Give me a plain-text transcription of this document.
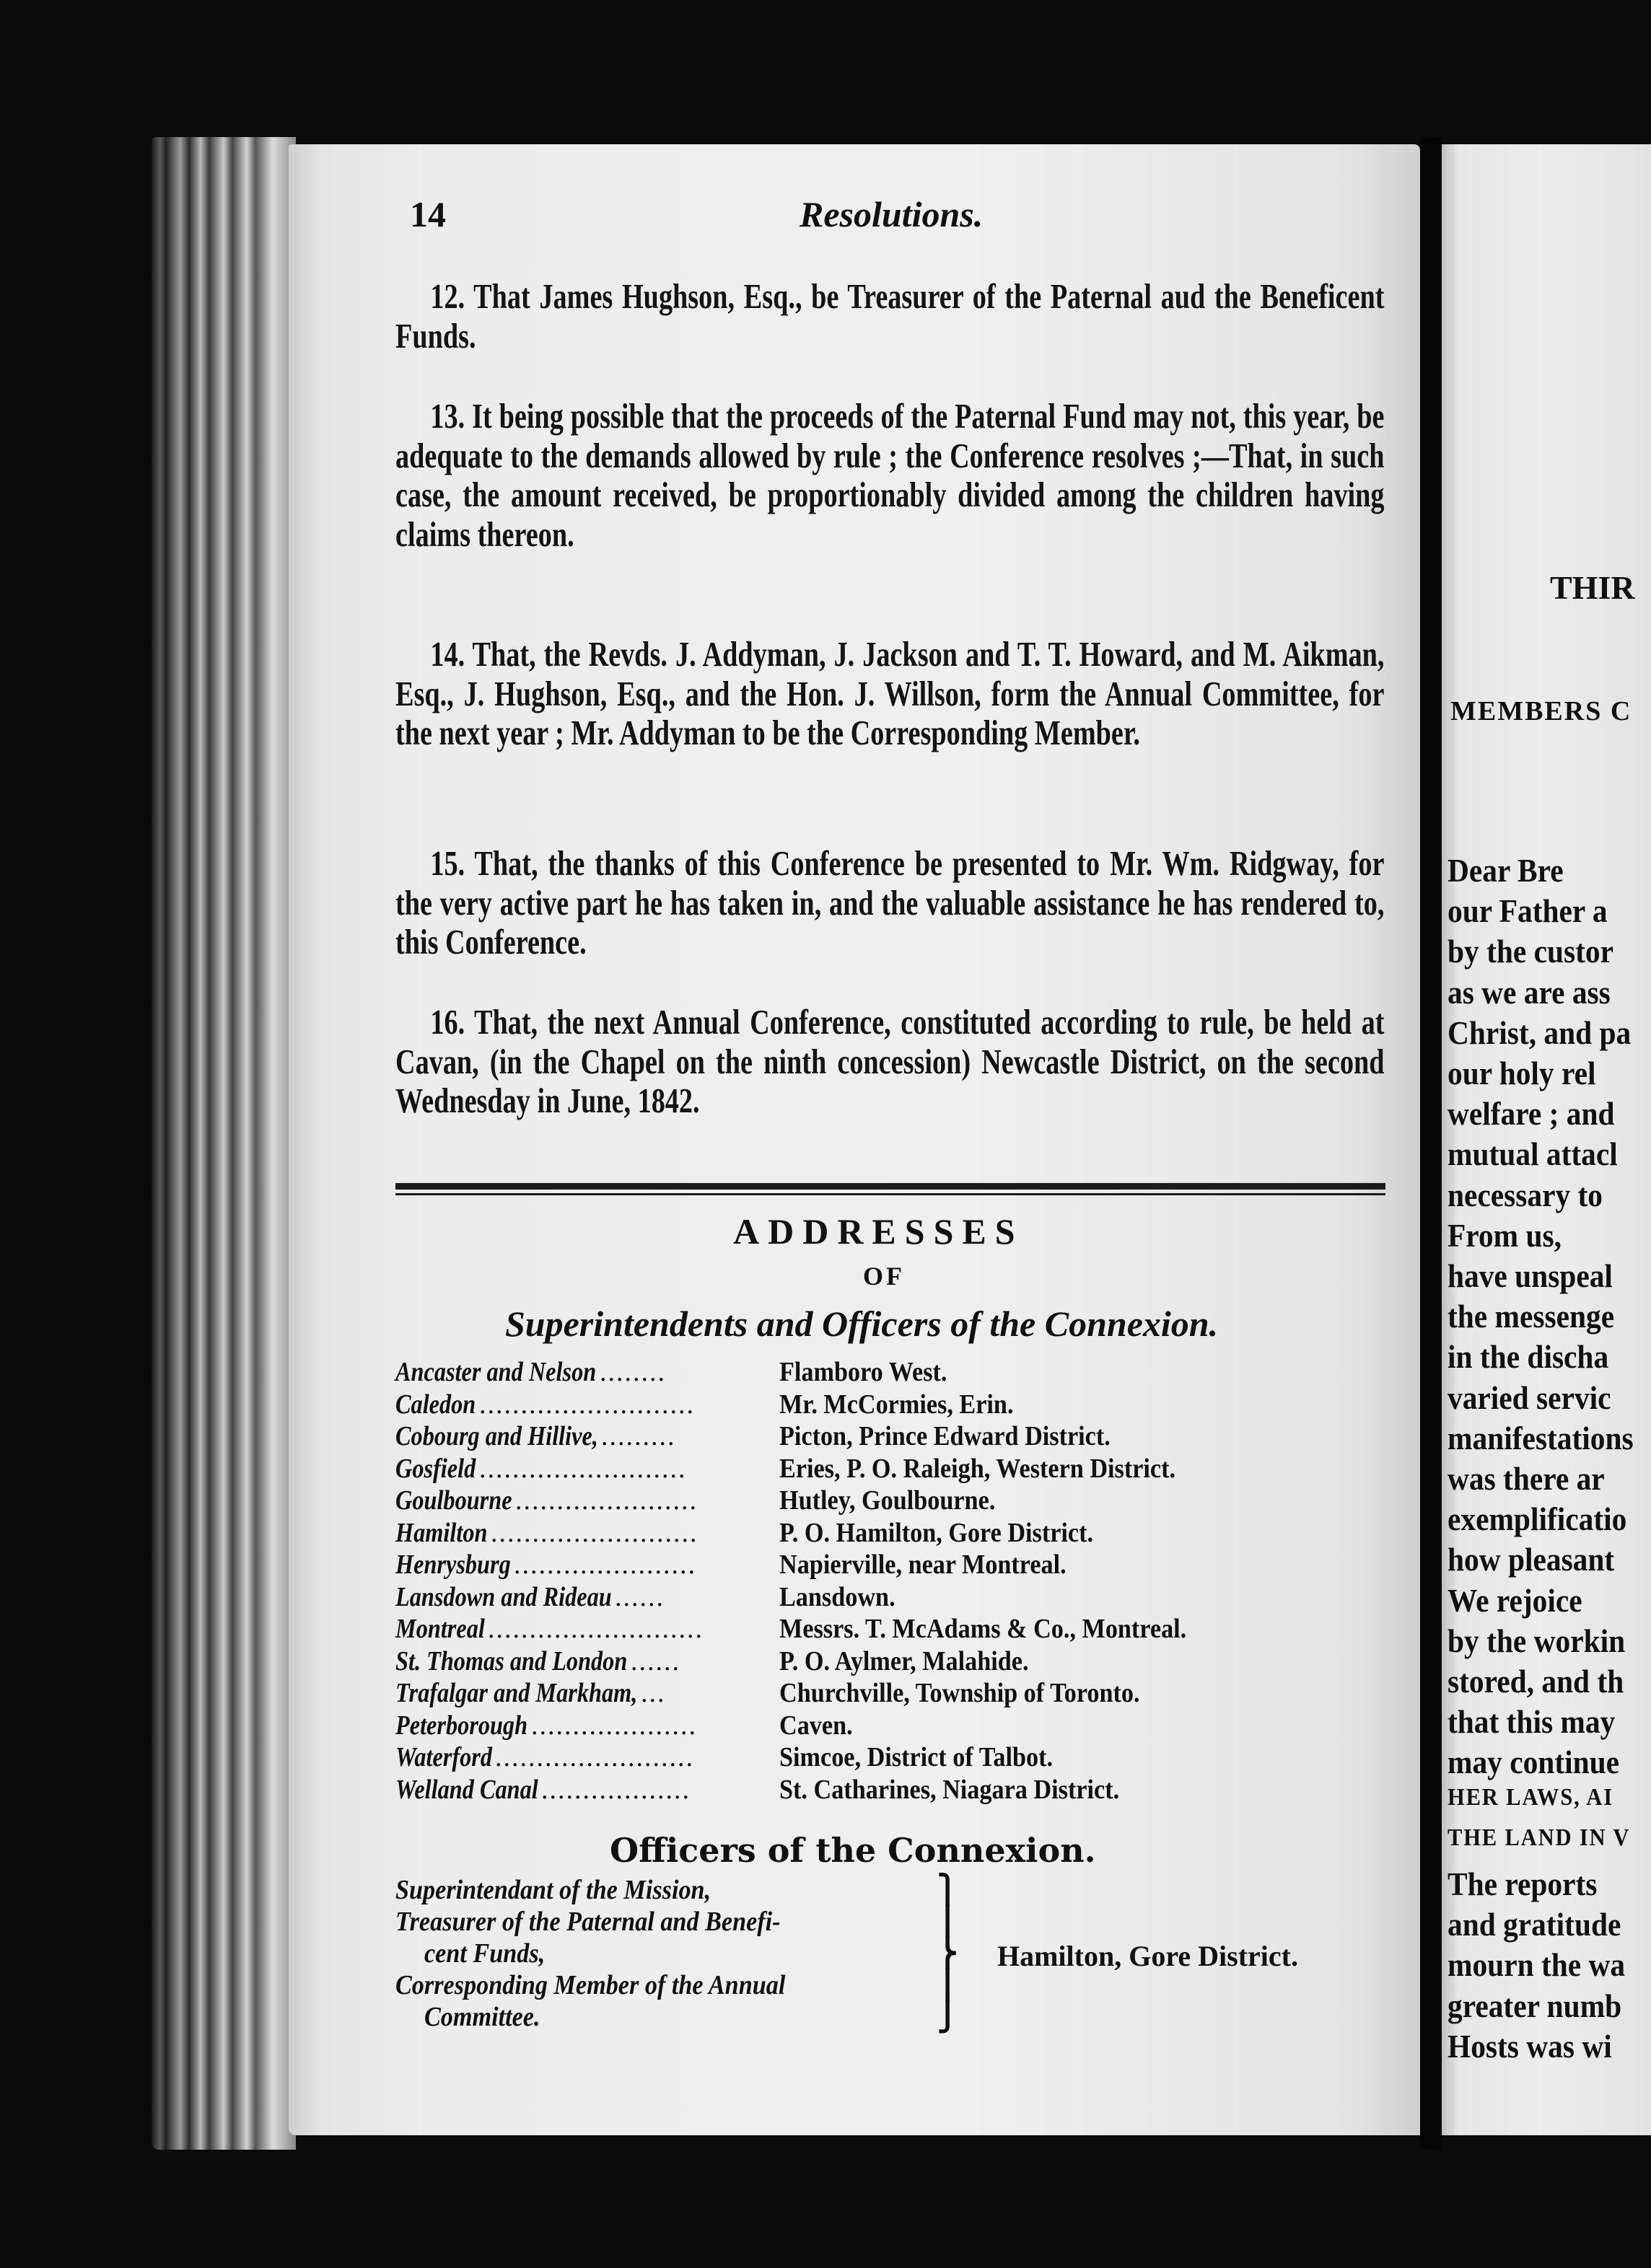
14	Resolutions.
12. That James Hughson, Esq., be Treasurer of the Paternal aud the Beneficent Funds.
13. It being possible that the proceeds of the Paternal Fund may not, this year, be adequate to the demands allowed by rule ; the Conference resolves ;—That, in such case, the amount received, be proportionably divided among the children having claims thereon.
14. That, the Revds. J. Addyman, J. Jackson and T. T. Howard, and M. Aikman, Esq., J. Hughson, Esq., and the Hon. J. Willson, form the Annual Committee, for the next year ; Mr. Addyman to be the Corresponding Member.
15. That, the thanks of this Conference be presented to Mr. Wm. Ridgway, for the very active part he has taken in, and the valuable assistance he has rendered to, this Conference.
16. That, the next Annual Conference, constituted according to rule, be held at Cavan, (in the Chapel on the ninth concession) Newcastle District, on the second Wednesday in June, 1842.
ADDRESSES
OF
Superintendents and Officers of the Connexion.
Ancaster and Nelson ........	Flamboro West.
Caledon ..........................	Mr. McCormies, Erin.
Cobourg and Hillive, .........	Picton, Prince Edward District.
Gosfield .........................	Eries, P. O. Raleigh, Western District.
Goulbourne ......................	Hutley, Goulbourne.
Hamilton .........................	P. O. Hamilton, Gore District.
Henrysburg ......................	Napierville, near Montreal.
Lansdown and Rideau ......	Lansdown.
Montreal ..........................	Messrs. T. McAdams & Co., Montreal.
St. Thomas and London ......	P. O. Aylmer, Malahide.
Trafalgar and Markham, ...	Churchville, Township of Toronto.
Peterborough ....................	Caven.
Waterford ........................	Simcoe, District of Talbot.
Welland Canal ..................	St. Catharines, Niagara District.
Officers of the Connexion.
Superintendant of the Mission,
Treasurer of the Paternal and Benefi-
cent Funds,
Corresponding Member of the Annual
Committee.
⎫
⎪
⎬
⎪
⎭
Hamilton, Gore District.
THIR
MEMBERS C
Dear Bre
our Father a
by the custor
as we are ass
Christ, and pa
our holy rel
welfare ; and
mutual attacl
necessary to
From us,
have unspeal
the messenge
in the discha
varied servic
manifestations
was there ar
exemplificatio
how pleasant
We rejoice
by the workin
stored, and th
that this may
may continue
HER LAWS, AI
THE LAND IN V
The reports
and gratitude
mourn the wa
greater numb
Hosts was wi
